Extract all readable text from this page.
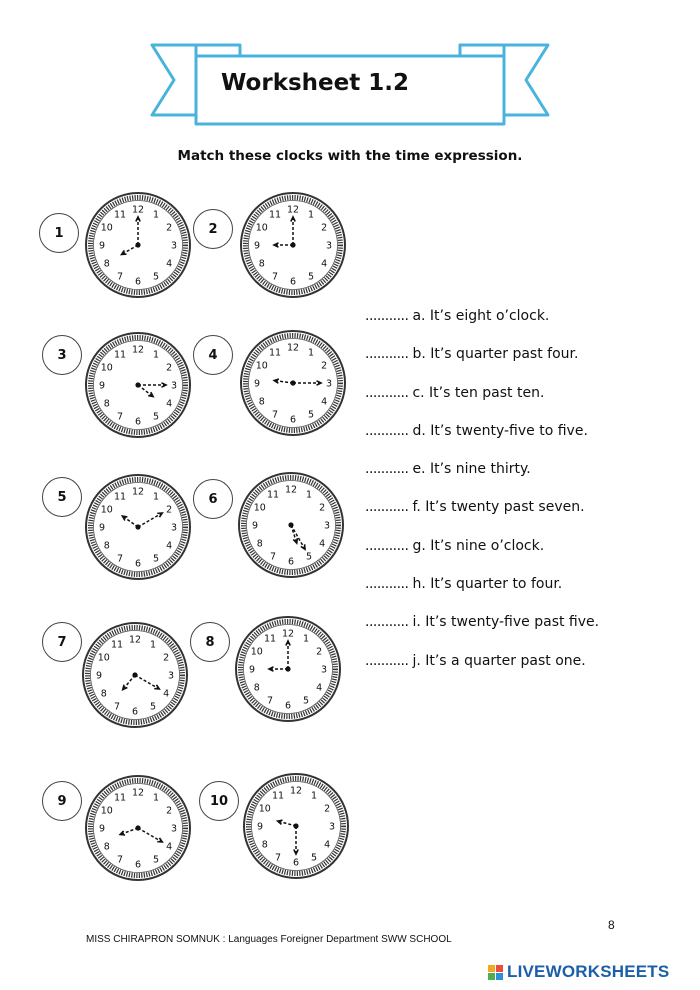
Worksheet 1.2
Match these clocks with the time expression.
1
12 1
2
3
4
5
6
7
8
9
10
11
2
12 1
2
3
4
5
6
7
8
9
10
11
3	12 1
2
3
4
5
6
7
8
9
10
11	4	12 1
2
3
4
5
6
7
8
9
10
11
5	12 1
2
3
4
5
6
7
8
9
10
11	6
12 1
2
3
4
5
6
7
8
9
10
11
7	12 1
2
3
4
5
6
7
8
9
10
11	8
12 1
2
3
4
5
6
7
8
9
10
11
9
12 1
2
3
4
5
6
7
8
9
10
11	10
12 1
2
3
4
5
6
7
8
9
10
11
........... a. It’s eight o’clock.
........... b. It’s quarter past four.
........... c. It’s ten past ten.
........... d. It’s twenty-five to five.
........... e. It’s nine thirty.
........... f. It’s twenty past seven.
........... g. It’s nine o’clock.
........... h. It’s quarter to four.
........... i. It’s twenty-five past five.
........... j. It’s a quarter past one.
8
MISS CHIRAPRON SOMNUK : Languages Foreigner Department SWW SCHOOL
LIVEWORKSHEETS
